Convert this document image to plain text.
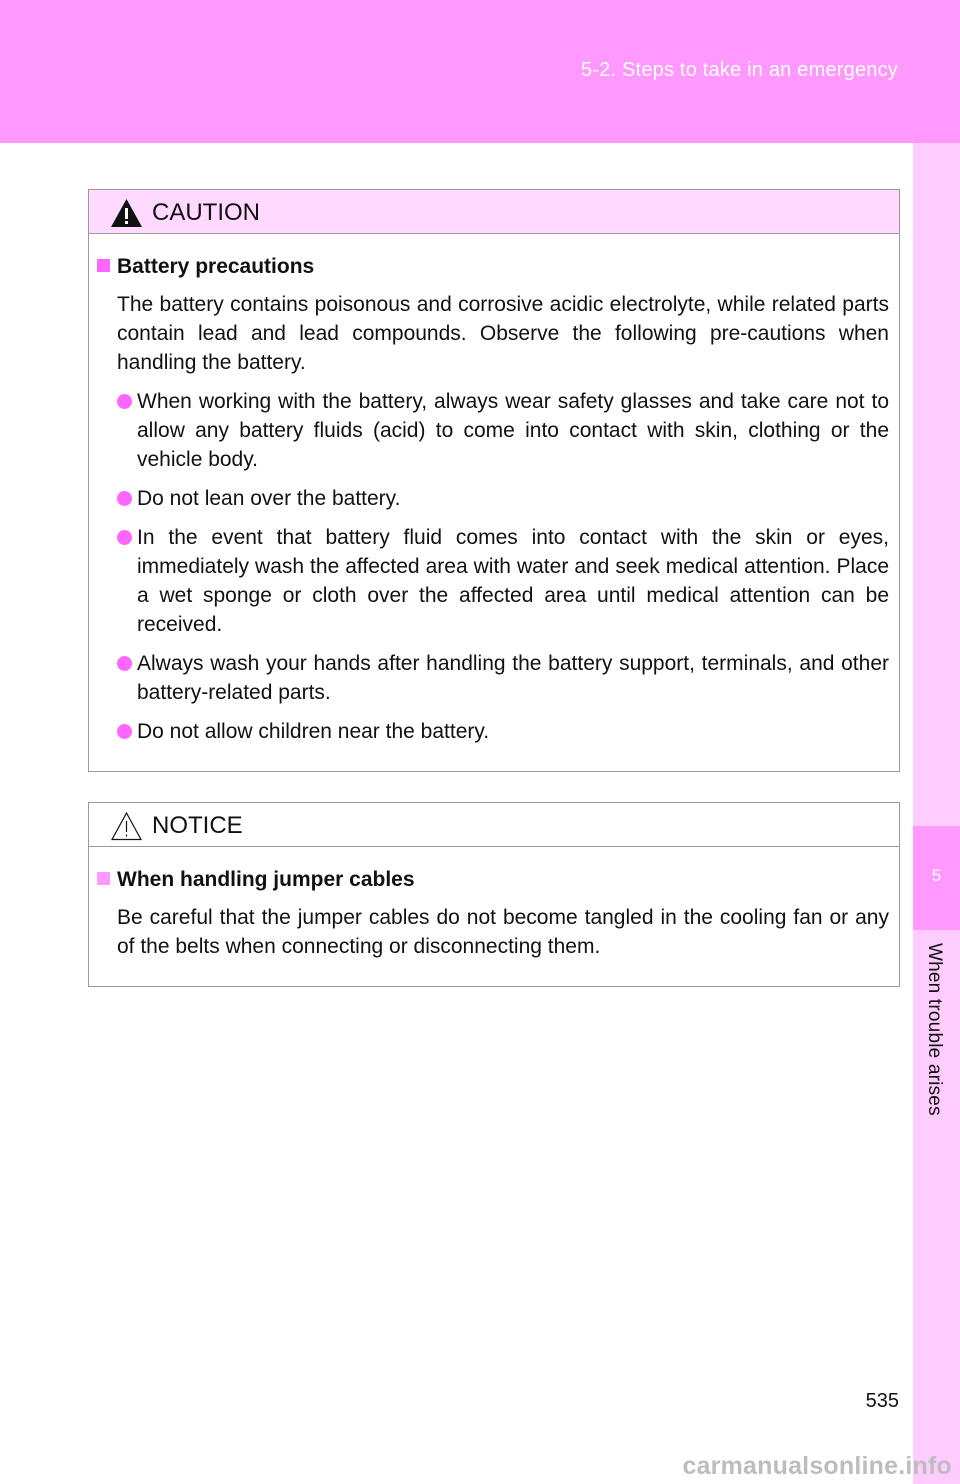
5-2. Steps to take in an emergency
5
When trouble arises
CAUTION
Battery precautions
The battery contains poisonous and corrosive acidic electrolyte, while related parts contain lead and lead compounds. Observe the following pre-cautions when handling the battery.
When working with the battery, always wear safety glasses and take care not to allow any battery fluids (acid) to come into contact with skin, clothing or the vehicle body.
Do not lean over the battery.
In the event that battery fluid comes into contact with the skin or eyes, immediately wash the affected area with water and seek medical attention. Place a wet sponge or cloth over the affected area until medical attention can be received.
Always wash your hands after handling the battery support, terminals, and other battery-related parts.
Do not allow children near the battery.
NOTICE
When handling jumper cables
Be careful that the jumper cables do not become tangled in the cooling fan or any of the belts when connecting or disconnecting them.
535
carmanualsonline.info
